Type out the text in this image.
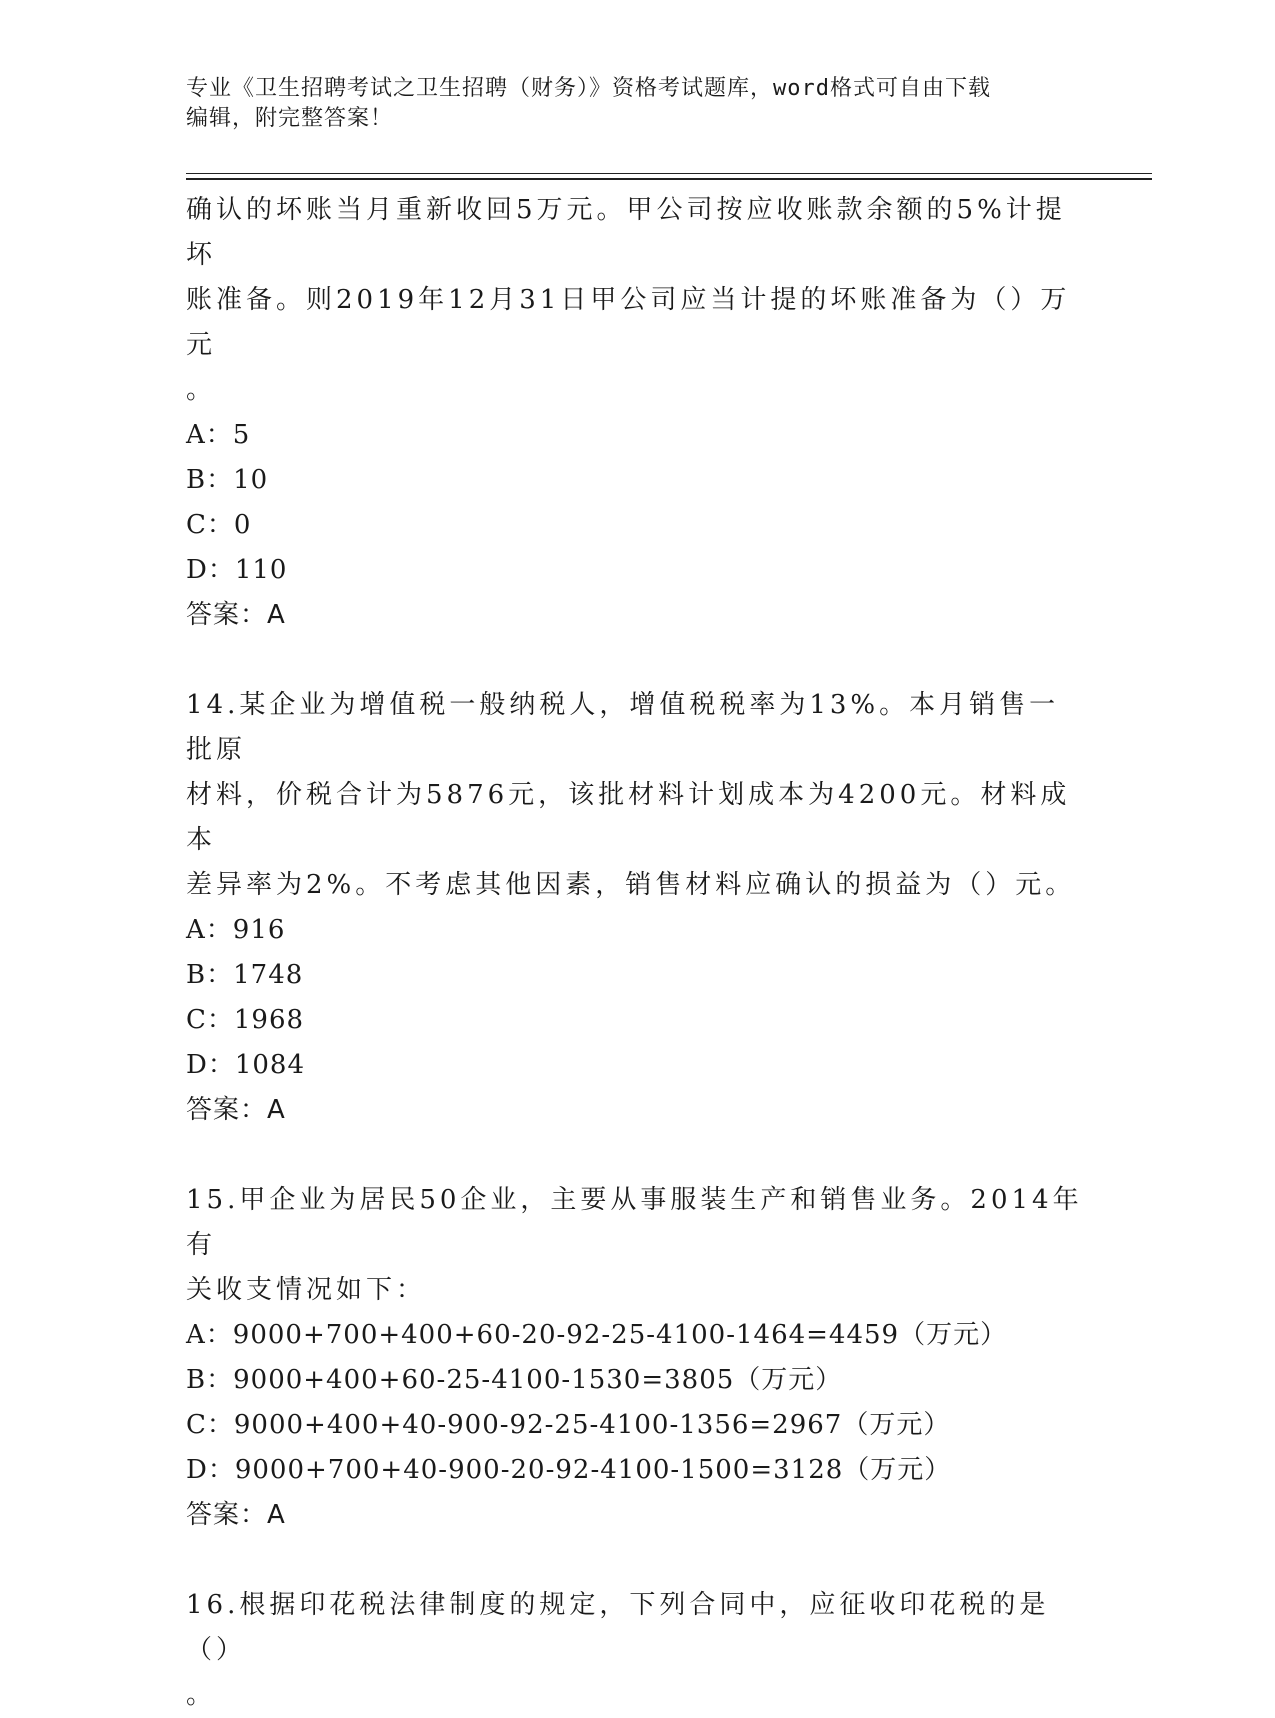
专业《卫生招聘考试之卫生招聘（财务）》资格考试题库，word格式可自由下载
编辑，附完整答案！

确认的坏账当月重新收回5万元。甲公司按应收账款余额的5%计提坏

账准备。则2019年12月31日甲公司应当计提的坏账准备为（）万元

。

A：5

B：10

C：0

D：110

答案：A

14.某企业为增值税一般纳税人，增值税税率为13%。本月销售一批原

材料，价税合计为5876元，该批材料计划成本为4200元。材料成本

差异率为2%。不考虑其他因素，销售材料应确认的损益为（）元。

A：916

B：1748

C：1968

D：1084

答案：A

15.甲企业为居民50企业，主要从事服装生产和销售业务。2014年有

关收支情况如下：

A：9000+700+400+60-20-92-25-4100-1464=4459（万元）

B：9000+400+60-25-4100-1530=3805（万元）

C：9000+400+40-900-92-25-4100-1356=2967（万元）

D：9000+700+40-900-20-92-4100-1500=3128（万元）

答案：A

16.根据印花税法律制度的规定，下列合同中，应征收印花税的是（）

。
